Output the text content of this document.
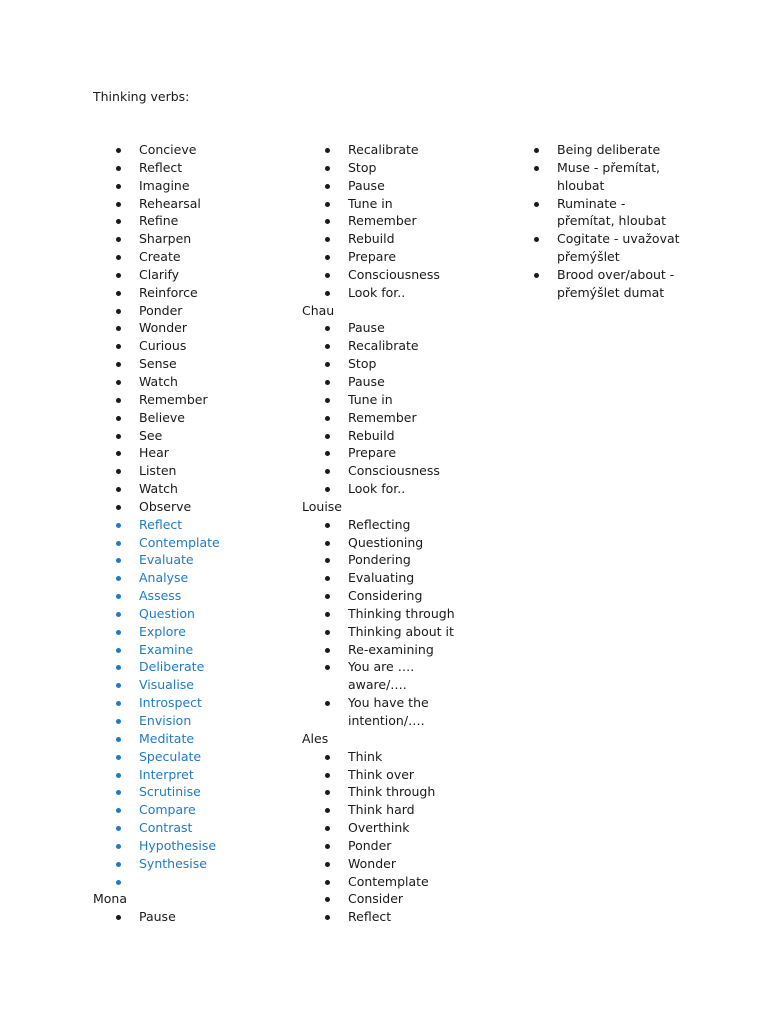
Thinking verbs:
Concieve
Reflect
Imagine
Rehearsal
Refine
Sharpen
Create
Clarify
Reinforce
Ponder
Wonder
Curious
Sense
Watch
Remember
Believe
See
Hear
Listen
Watch
Observe
Reflect
Contemplate
Evaluate
Analyse
Assess
Question
Explore
Examine
Deliberate
Visualise
Introspect
Envision
Meditate
Speculate
Interpret
Scrutinise
Compare
Contrast
Hypothesise
Synthesise
Mona
Pause
Recalibrate
Stop
Pause
Tune in
Remember
Rebuild
Prepare
Consciousness
Look for..
Chau
Pause
Recalibrate
Stop
Pause
Tune in
Remember
Rebuild
Prepare
Consciousness
Look for..
Louise
Reflecting
Questioning
Pondering
Evaluating
Considering
Thinking through
Thinking about it
Re-examining
You are …. aware/….
You have the intention/….
Ales
Think
Think over
Think through
Think hard
Overthink
Ponder
Wonder
Contemplate
Consider
Reflect
Being deliberate
Muse - přemítat, hloubat
Ruminate - přemítat, hloubat
Cogitate - uvažovat přemýšlet
Brood over/about - přemýšlet dumat
